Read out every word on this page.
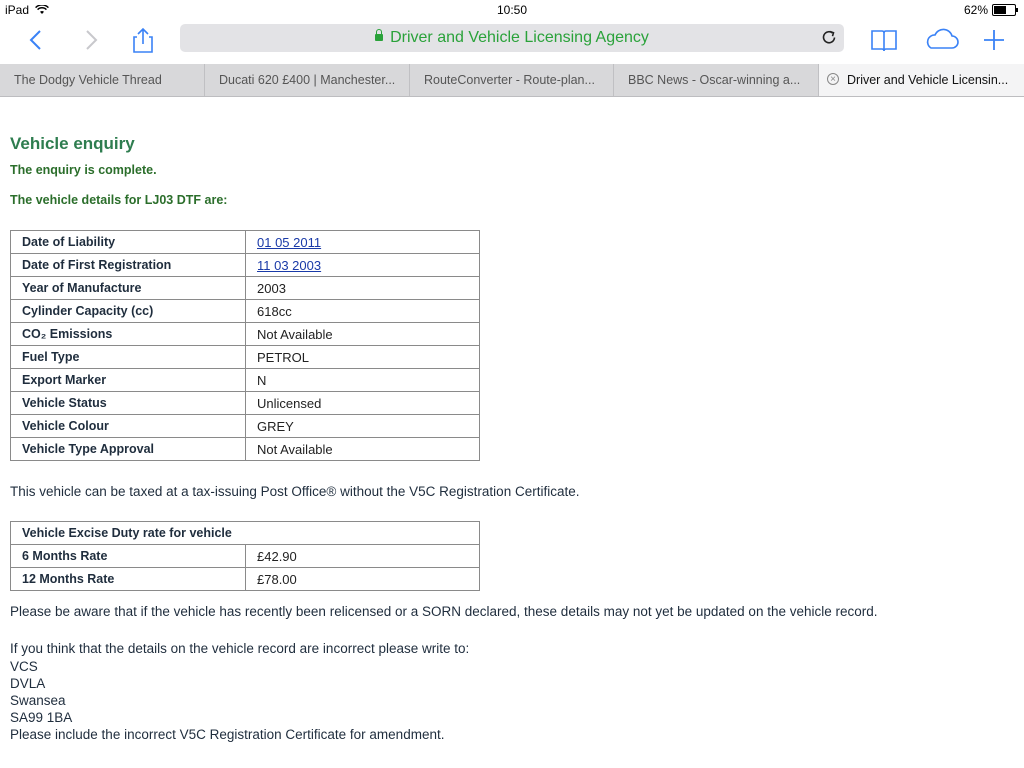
iPad	10:50	62%
Driver and Vehicle Licensing Agency
The Dodgy Vehicle Thread	Ducati 620 £400 | Manchester...	RouteConverter - Route-plan...	BBC News - Oscar-winning a...	× Driver and Vehicle Licensin...
Vehicle enquiry
The enquiry is complete.
The vehicle details for LJ03 DTF are:
Date of Liability	01 05 2011
Date of First Registration	11 03 2003
Year of Manufacture	2003
Cylinder Capacity (cc)	618cc
CO₂ Emissions	Not Available
Fuel Type	PETROL
Export Marker	N
Vehicle Status	Unlicensed
Vehicle Colour	GREY
Vehicle Type Approval	Not Available
This vehicle can be taxed at a tax-issuing Post Office® without the V5C Registration Certificate.
Vehicle Excise Duty rate for vehicle	
6 Months Rate	£42.90
12 Months Rate	£78.00
Please be aware that if the vehicle has recently been relicensed or a SORN declared, these details may not yet be updated on the vehicle record.
If you think that the details on the vehicle record are incorrect please write to:
VCS
DVLA
Swansea
SA99 1BA
Please include the incorrect V5C Registration Certificate for amendment.
